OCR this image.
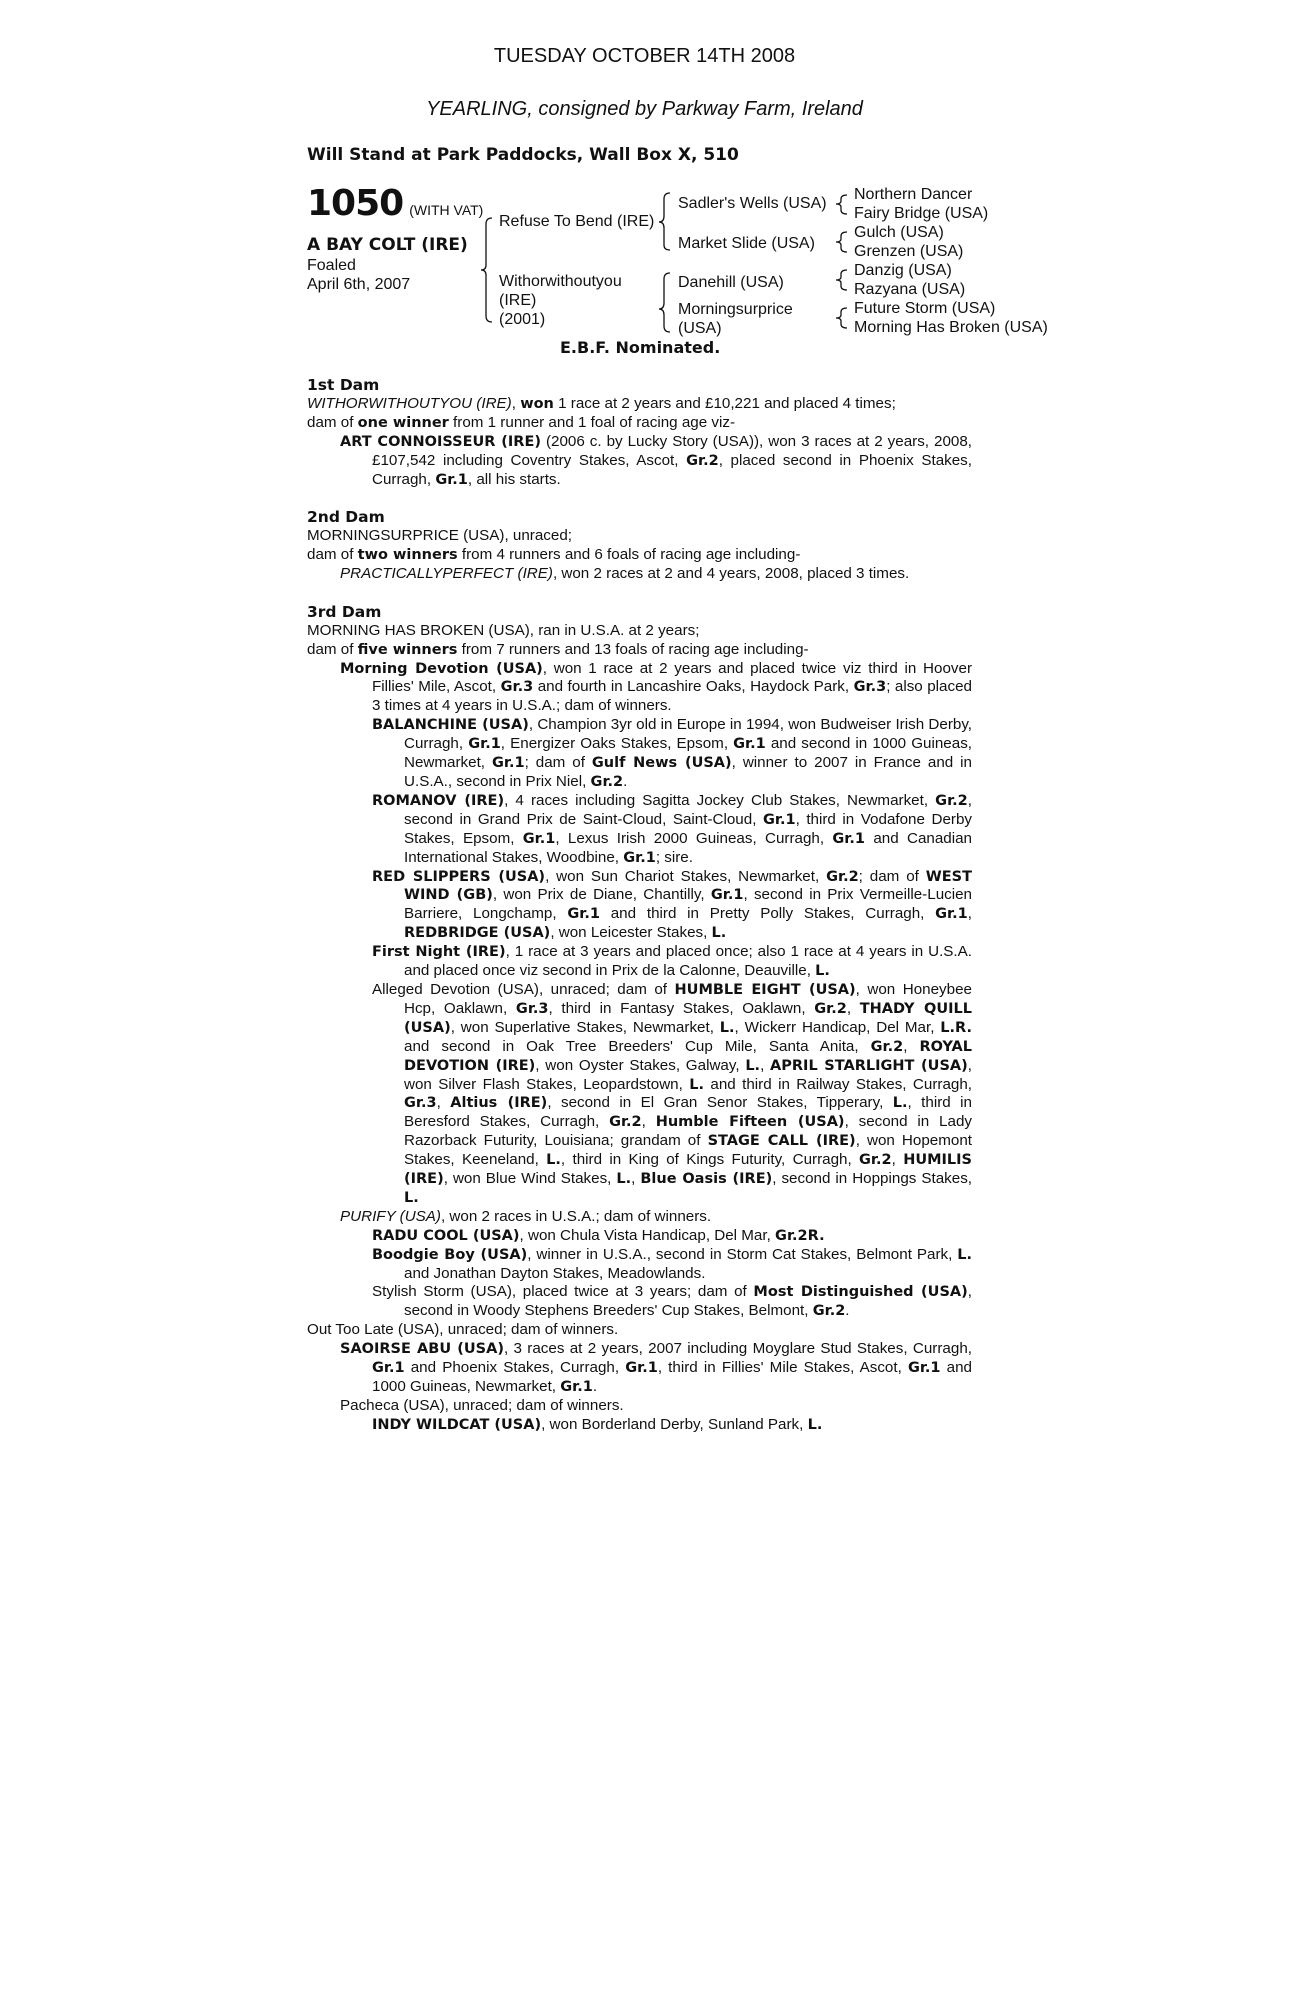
TUESDAY OCTOBER 14TH 2008
YEARLING, consigned by Parkway Farm, Ireland
Will Stand at Park Paddocks, Wall Box X, 510
1050 (WITH VAT)
A BAY COLT (IRE)
Foaled
April 6th, 2007
Refuse To Bend (IRE)
Withorwithoutyou
(IRE)
(2001)
Sadler's Wells (USA)
Market Slide (USA)
Danehill (USA)
Morningsurprice
(USA)
Northern Dancer
Fairy Bridge (USA)
Gulch (USA)
Grenzen (USA)
Danzig (USA)
Razyana (USA)
Future Storm (USA)
Morning Has Broken (USA)
E.B.F. Nominated.
1st Dam
WITHORWITHOUTYOU (IRE), won 1 race at 2 years and £10,221 and placed 4 times;
dam of one winner from 1 runner and 1 foal of racing age viz-
ART CONNOISSEUR (IRE) (2006 c. by Lucky Story (USA)), won 3 races at 2 years, 2008, £107,542 including Coventry Stakes, Ascot, Gr.2, placed second in Phoenix Stakes, Curragh, Gr.1, all his starts.
2nd Dam
MORNINGSURPRICE (USA), unraced;
dam of two winners from 4 runners and 6 foals of racing age including-
PRACTICALLYPERFECT (IRE), won 2 races at 2 and 4 years, 2008, placed 3 times.
3rd Dam
MORNING HAS BROKEN (USA), ran in U.S.A. at 2 years;
dam of five winners from 7 runners and 13 foals of racing age including-
Morning Devotion (USA), won 1 race at 2 years and placed twice viz third in Hoover Fillies' Mile, Ascot, Gr.3 and fourth in Lancashire Oaks, Haydock Park, Gr.3; also placed 3 times at 4 years in U.S.A.; dam of winners.
BALANCHINE (USA), Champion 3yr old in Europe in 1994, won Budweiser Irish Derby, Curragh, Gr.1, Energizer Oaks Stakes, Epsom, Gr.1 and second in 1000 Guineas, Newmarket, Gr.1; dam of Gulf News (USA), winner to 2007 in France and in U.S.A., second in Prix Niel, Gr.2.
ROMANOV (IRE), 4 races including Sagitta Jockey Club Stakes, Newmarket, Gr.2, second in Grand Prix de Saint-Cloud, Saint-Cloud, Gr.1, third in Vodafone Derby Stakes, Epsom, Gr.1, Lexus Irish 2000 Guineas, Curragh, Gr.1 and Canadian International Stakes, Woodbine, Gr.1; sire.
RED SLIPPERS (USA), won Sun Chariot Stakes, Newmarket, Gr.2; dam of WEST WIND (GB), won Prix de Diane, Chantilly, Gr.1, second in Prix Vermeille-Lucien Barriere, Longchamp, Gr.1 and third in Pretty Polly Stakes, Curragh, Gr.1, REDBRIDGE (USA), won Leicester Stakes, L.
First Night (IRE), 1 race at 3 years and placed once; also 1 race at 4 years in U.S.A. and placed once viz second in Prix de la Calonne, Deauville, L.
Alleged Devotion (USA), unraced; dam of HUMBLE EIGHT (USA), won Honeybee Hcp, Oaklawn, Gr.3, third in Fantasy Stakes, Oaklawn, Gr.2, THADY QUILL (USA), won Superlative Stakes, Newmarket, L., Wickerr Handicap, Del Mar, L.R. and second in Oak Tree Breeders' Cup Mile, Santa Anita, Gr.2, ROYAL DEVOTION (IRE), won Oyster Stakes, Galway, L., APRIL STARLIGHT (USA), won Silver Flash Stakes, Leopardstown, L. and third in Railway Stakes, Curragh, Gr.3, Altius (IRE), second in El Gran Senor Stakes, Tipperary, L., third in Beresford Stakes, Curragh, Gr.2, Humble Fifteen (USA), second in Lady Razorback Futurity, Louisiana; grandam of STAGE CALL (IRE), won Hopemont Stakes, Keeneland, L., third in King of Kings Futurity, Curragh, Gr.2, HUMILIS (IRE), won Blue Wind Stakes, L., Blue Oasis (IRE), second in Hoppings Stakes, L.
PURIFY (USA), won 2 races in U.S.A.; dam of winners.
RADU COOL (USA), won Chula Vista Handicap, Del Mar, Gr.2R.
Boodgie Boy (USA), winner in U.S.A., second in Storm Cat Stakes, Belmont Park, L. and Jonathan Dayton Stakes, Meadowlands.
Stylish Storm (USA), placed twice at 3 years; dam of Most Distinguished (USA), second in Woody Stephens Breeders' Cup Stakes, Belmont, Gr.2.
Out Too Late (USA), unraced; dam of winners.
SAOIRSE ABU (USA), 3 races at 2 years, 2007 including Moyglare Stud Stakes, Curragh, Gr.1 and Phoenix Stakes, Curragh, Gr.1, third in Fillies' Mile Stakes, Ascot, Gr.1 and 1000 Guineas, Newmarket, Gr.1.
Pacheca (USA), unraced; dam of winners.
INDY WILDCAT (USA), won Borderland Derby, Sunland Park, L.
